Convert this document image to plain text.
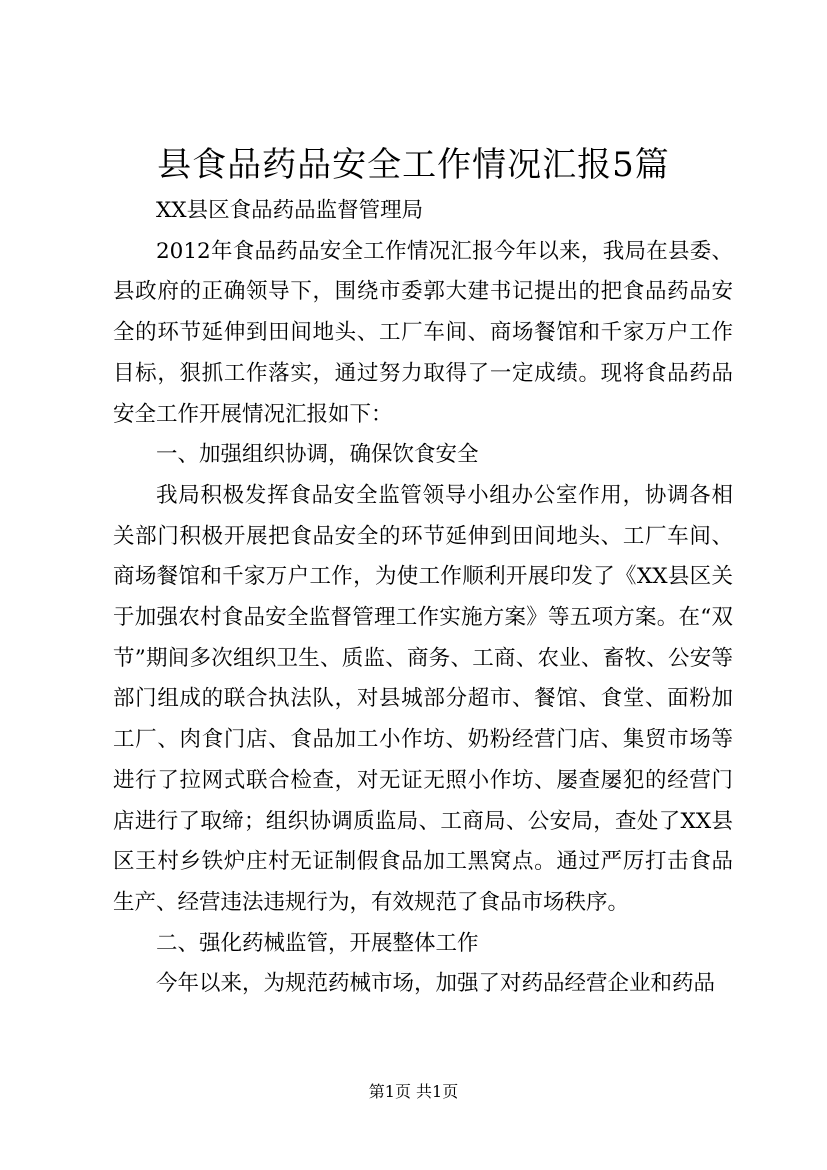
县食品药品安全工作情况汇报5篇

XX县区食品药品监督管理局

2012年食品药品安全工作情况汇报今年以来，我局在县委、县政府的正确领导下，围绕市委郭大建书记提出的把食品药品安全的环节延伸到田间地头、工厂车间、商场餐馆和千家万户工作目标，狠抓工作落实，通过努力取得了一定成绩。现将食品药品安全工作开展情况汇报如下：

一、加强组织协调，确保饮食安全

我局积极发挥食品安全监管领导小组办公室作用，协调各相关部门积极开展把食品安全的环节延伸到田间地头、工厂车间、商场餐馆和千家万户工作，为使工作顺利开展印发了《XX县区关于加强农村食品安全监督管理工作实施方案》等五项方案。在“双节”期间多次组织卫生、质监、商务、工商、农业、畜牧、公安等部门组成的联合执法队，对县城部分超市、餐馆、食堂、面粉加工厂、肉食门店、食品加工小作坊、奶粉经营门店、集贸市场等进行了拉网式联合检查，对无证无照小作坊、屡查屡犯的经营门店进行了取缔；组织协调质监局、工商局、公安局，查处了XX县区王村乡铁炉庄村无证制假食品加工黑窝点。通过严厉打击食品生产、经营违法违规行为，有效规范了食品市场秩序。

二、强化药械监管，开展整体工作

今年以来，为规范药械市场，加强了对药品经营企业和药品

第1页 共1页
